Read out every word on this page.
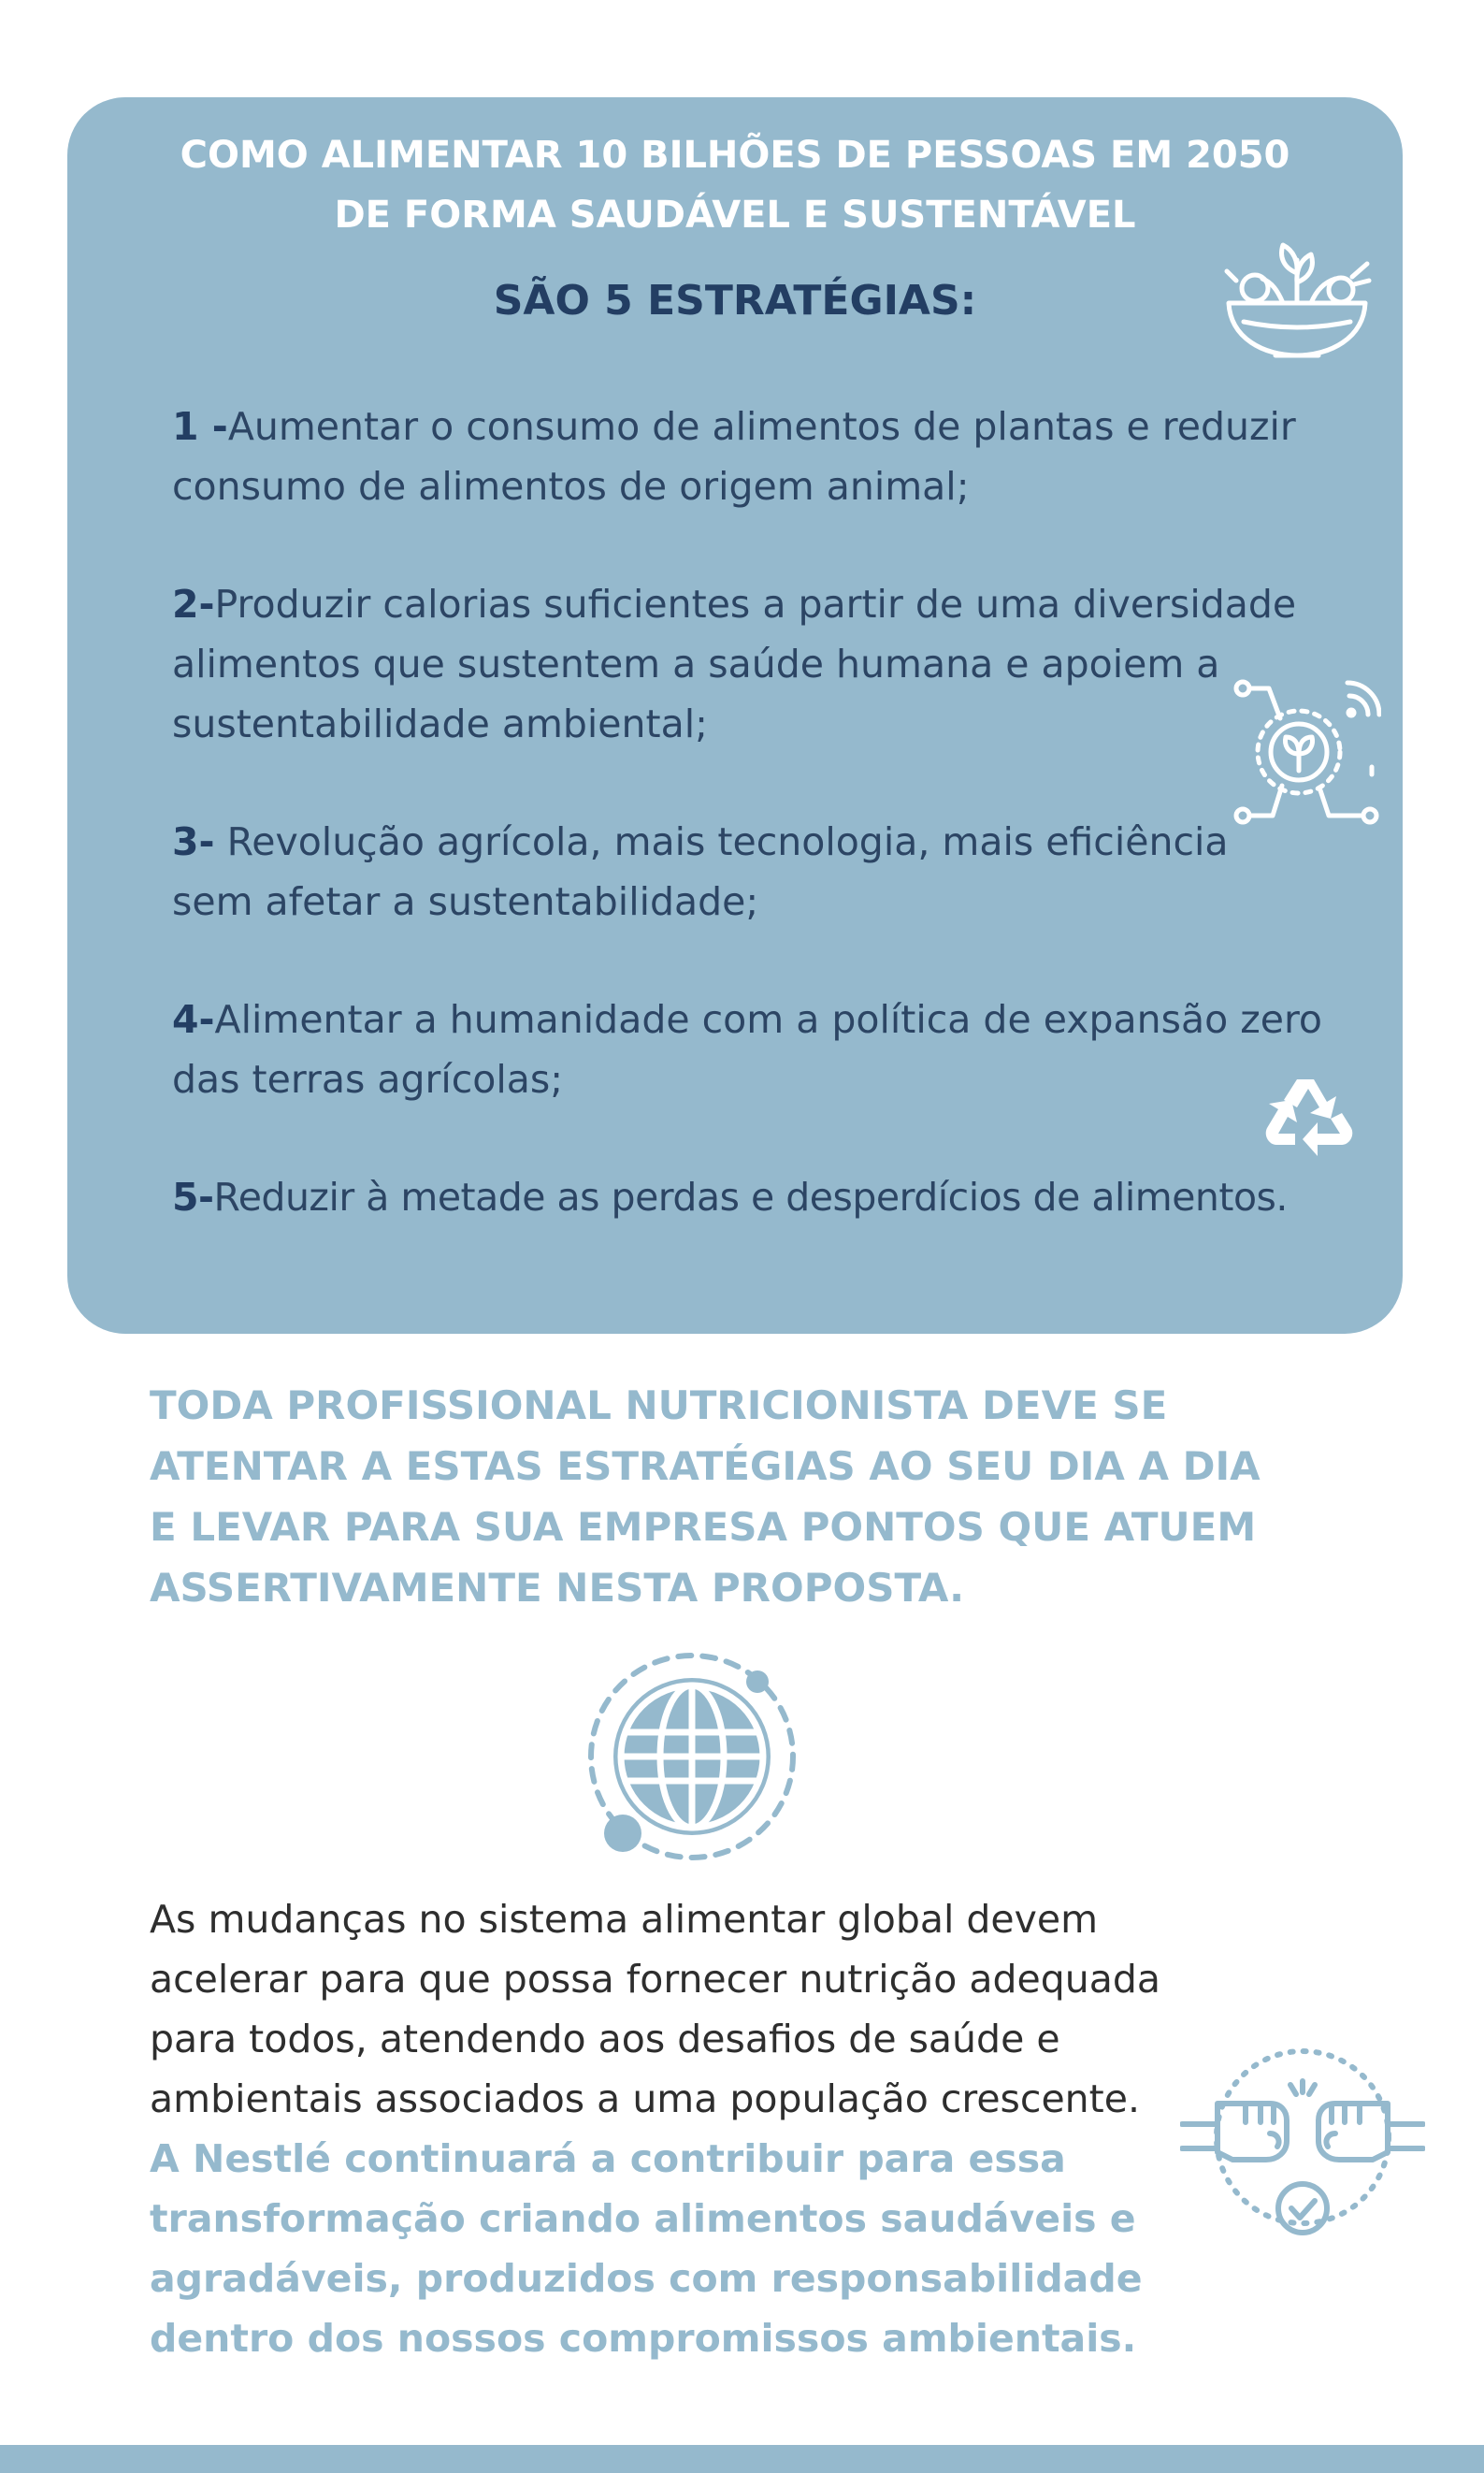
COMO ALIMENTAR 10 BILHÕES DE PESSOAS EM 2050
DE FORMA SAUDÁVEL E SUSTENTÁVEL
SÃO 5 ESTRATÉGIAS:
1 -Aumentar o consumo de alimentos de plantas e reduzir consumo de alimentos de origem animal;
2-Produzir calorias suficientes a partir de uma diversidade alimentos que sustentem a saúde humana e apoiem a sustentabilidade ambiental;
3- Revolução agrícola, mais tecnologia, mais eficiência sem afetar a sustentabilidade;
4-Alimentar a humanidade com a política de expansão zero das terras agrícolas;
5-Reduzir à metade as perdas e desperdícios de alimentos.
TODA PROFISSIONAL NUTRICIONISTA DEVE SE
ATENTAR A ESTAS ESTRATÉGIAS AO SEU DIA A DIA
E LEVAR PARA SUA EMPRESA PONTOS QUE ATUEM
ASSERTIVAMENTE NESTA PROPOSTA.
As mudanças no sistema alimentar global devem acelerar para que possa fornecer nutrição adequada para todos, atendendo aos desafios de saúde e ambientais associados a uma população crescente.
A Nestlé continuará a contribuir para essa transformação criando alimentos saudáveis e agradáveis, produzidos com responsabilidade dentro dos nossos compromissos ambientais.
